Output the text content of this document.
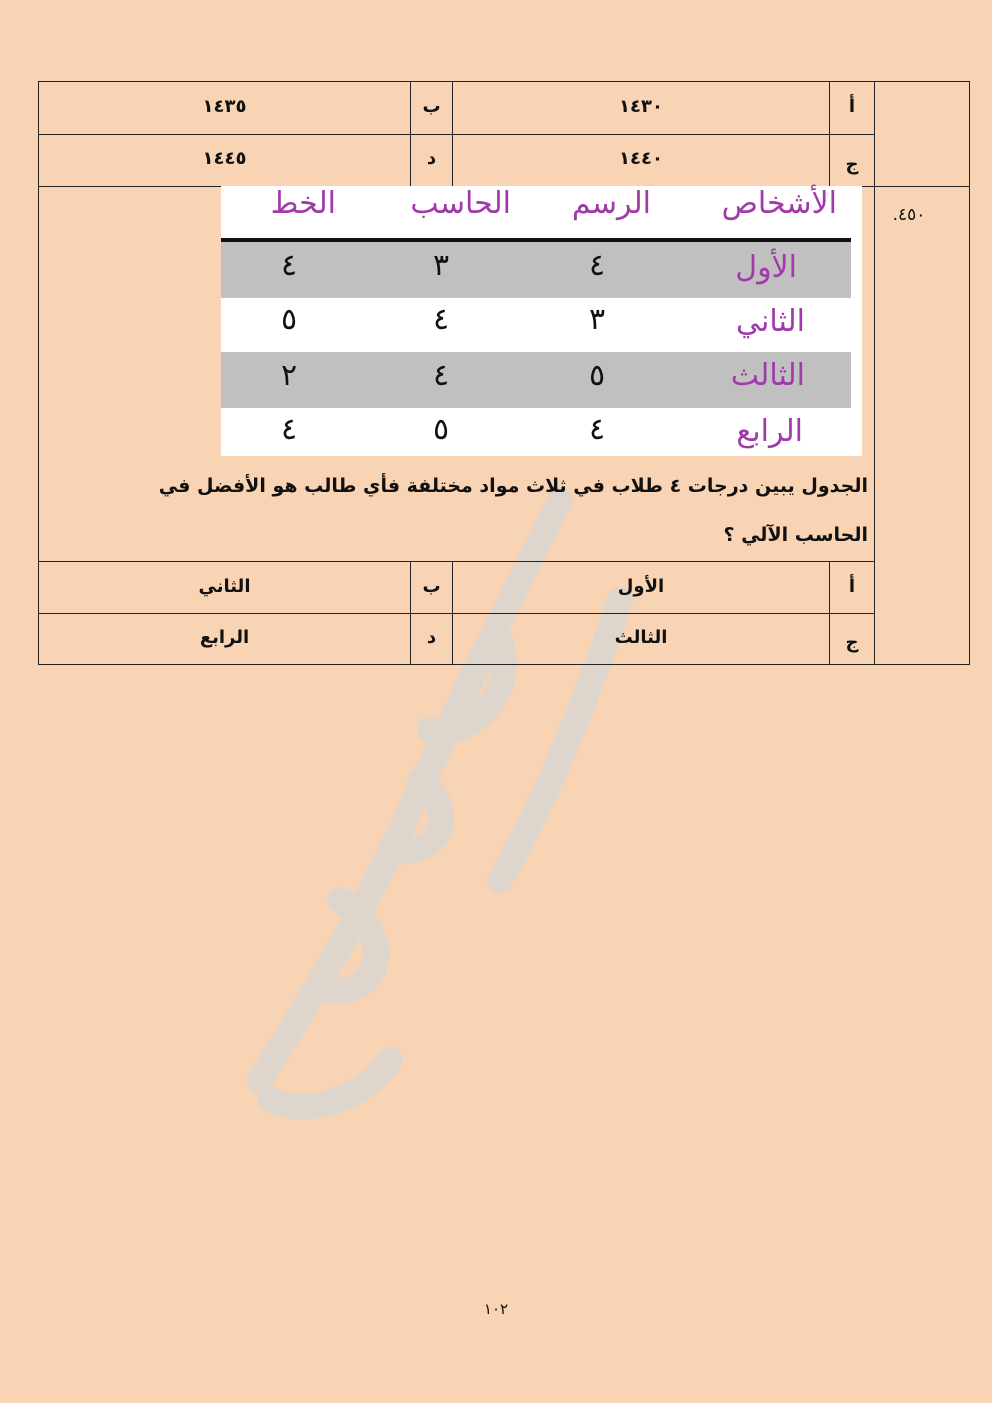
أ
١٤٣٠
ب
١٤٣٥
ج
١٤٤٠
د
١٤٤٥
.٤٥٠
الأشخاص
الرسم
الحاسب
الخط
الأول
٤
٣
٤
الثاني
٣
٤
٥
الثالث
٥
٤
٢
الرابع
٤
٥
٤
الجدول يبين درجات ٤ طلاب في ثلاث مواد مختلفة فأي طالب هو الأفضل في
الحاسب الآلي ؟
أ
الأول
ب
الثاني
ج
الثالث
د
الرابع
١٠٢
